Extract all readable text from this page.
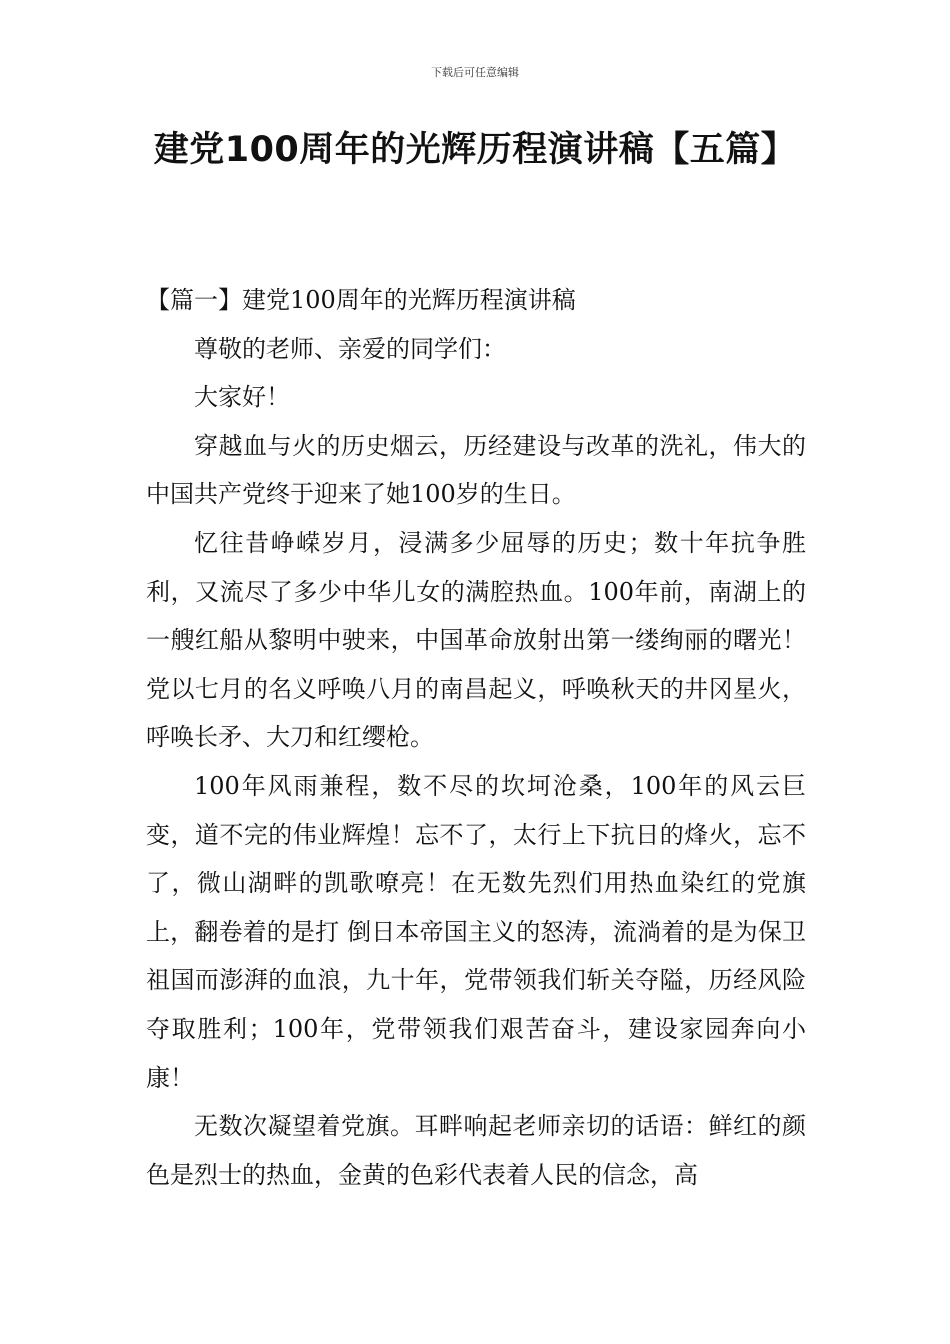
下载后可任意编辑
建党100周年的光辉历程演讲稿【五篇】

【篇一】建党100周年的光辉历程演讲稿

尊敬的老师、亲爱的同学们：

大家好！

穿越血与火的历史烟云，历经建设与改革的洗礼，伟大的中国共产党终于迎来了她100岁的生日。

忆往昔峥嵘岁月，浸满多少屈辱的历史；数十年抗争胜利，又流尽了多少中华儿女的满腔热血。100年前，南湖上的一艘红船从黎明中驶来，中国革命放射出第一缕绚丽的曙光！党以七月的名义呼唤八月的南昌起义，呼唤秋天的井冈星火，呼唤长矛、大刀和红缨枪。

100年风雨兼程，数不尽的坎坷沧桑，100年的风云巨变，道不完的伟业辉煌！忘不了，太行上下抗日的烽火，忘不了，微山湖畔的凯歌嘹亮！在无数先烈们用热血染红的党旗上，翻卷着的是打 倒日本帝国主义的怒涛，流淌着的是为保卫祖国而澎湃的血浪，九十年，党带领我们斩关夺隘，历经风险夺取胜利；100年，党带领我们艰苦奋斗，建设家园奔向小康！

无数次凝望着党旗。耳畔响起老师亲切的话语：鲜红的颜色是烈士的热血，金黄的色彩代表着人民的信念，高
